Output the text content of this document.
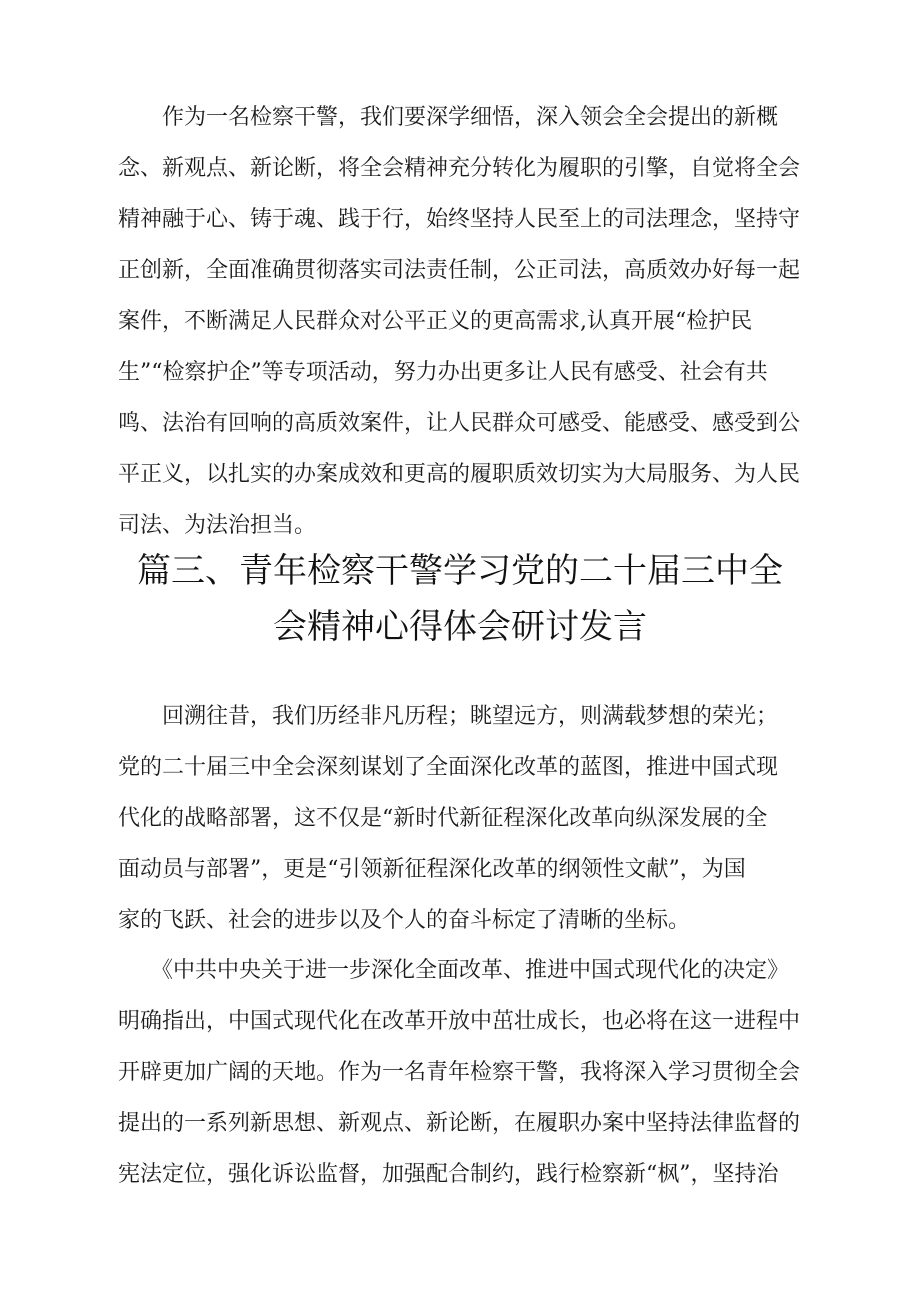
　　作为一名检察干警，我们要深学细悟，深入领会全会提出的新概
念、新观点、新论断，将全会精神充分转化为履职的引擎，自觉将全会
精神融于心、铸于魂、践于行，始终坚持人民至上的司法理念，坚持守
正创新，全面准确贯彻落实司法责任制，公正司法，高质效办好每一起
案件，不断满足人民群众对公平正义的更高需求,认真开展“检护民
生”“检察护企”等专项活动，努力办出更多让人民有感受、社会有共
鸣、法治有回响的高质效案件，让人民群众可感受、能感受、感受到公
平正义，以扎实的办案成效和更高的履职质效切实为大局服务、为人民
司法、为法治担当。
篇三、青年检察干警学习党的二十届三中全
会精神心得体会研讨发言
　　回溯往昔，我们历经非凡历程；眺望远方，则满载梦想的荣光；
党的二十届三中全会深刻谋划了全面深化改革的蓝图，推进中国式现
代化的战略部署，这不仅是“新时代新征程深化改革向纵深发展的全
面动员与部署”，更是“引领新征程深化改革的纲领性文献”，为国
家的飞跃、社会的进步以及个人的奋斗标定了清晰的坐标。
　　《中共中央关于进一步深化全面改革、推进中国式现代化的决定》
明确指出，中国式现代化在改革开放中茁壮成长，也必将在这一进程中
开辟更加广阔的天地。作为一名青年检察干警，我将深入学习贯彻全会
提出的一系列新思想、新观点、新论断，在履职办案中坚持法律监督的
宪法定位，强化诉讼监督，加强配合制约，践行检察新“枫”，坚持治
